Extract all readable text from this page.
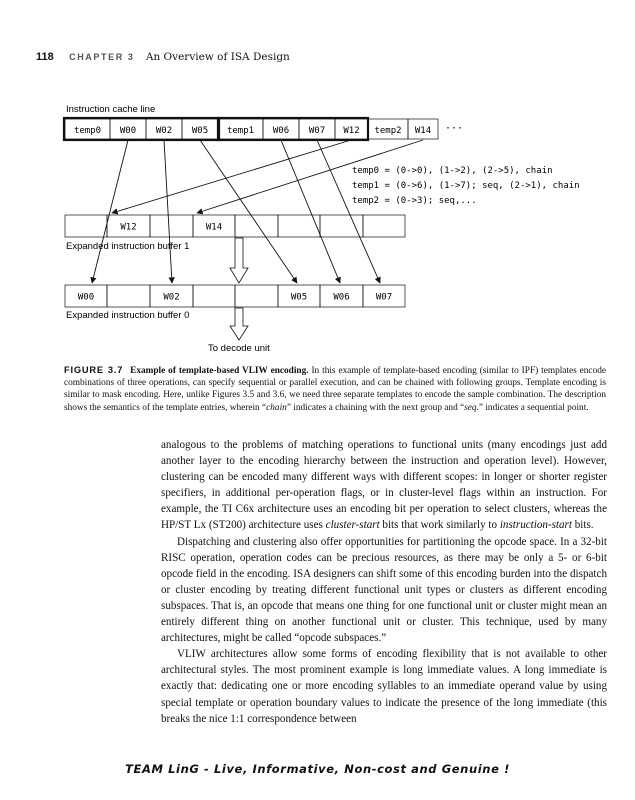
118 CHAPTER 3 An Overview of ISA Design
Instruction cache line
temp0 W00 W02 W05 temp1 W06 W07 W12 temp2 W14 ···
temp0 = (0->0), (1->2), (2->5), chain
temp1 = (0->6), (1->7); seq, (2->1), chain
temp2 = (0->3); seq,...
W12	W14
Expanded instruction buffer 1
W00	W02	W05	W06	W07
Expanded instruction buffer 0
To decode unit
FIGURE 3.7 Example of template-based VLIW encoding. In this example of template-based encoding (similar to IPF) templates encode combinations of three operations, can specify sequential or parallel execution, and can be chained with following groups. Template encoding is similar to mask encoding. Here, unlike Figures 3.5 and 3.6, we need three separate templates to encode the sample combination. The description shows the semantics of the template entries, wherein “chain” indicates a chaining with the next group and “seq.” indicates a sequential point.

analogous to the problems of matching operations to functional units (many encodings just add another layer to the encoding hierarchy between the instruction and operation level). However, clustering can be encoded many different ways with different scopes: in longer or shorter register specifiers, in additional per-operation flags, or in cluster-level flags within an instruction. For example, the TI C6x architecture uses an encoding bit per operation to select clusters, whereas the HP/ST Lx (ST200) architecture uses cluster-start bits that work similarly to instruction-start bits.

Dispatching and clustering also offer opportunities for partitioning the opcode space. In a 32-bit RISC operation, operation codes can be precious resources, as there may be only a 5- or 6-bit opcode field in the encoding. ISA designers can shift some of this encoding burden into the dispatch or cluster encoding by treating different functional unit types or clusters as different encoding subspaces. That is, an opcode that means one thing for one functional unit or cluster might mean an entirely different thing on another functional unit or cluster. This technique, used by many architectures, might be called “opcode subspaces.”

VLIW architectures allow some forms of encoding flexibility that is not available to other architectural styles. The most prominent example is long immediate values. A long immediate is exactly that: dedicating one or more encoding syllables to an immediate operand value by using special template or operation boundary values to indicate the presence of the long immediate (this breaks the nice 1:1 correspondence between

TEAM LinG - Live, Informative, Non-cost and Genuine !
